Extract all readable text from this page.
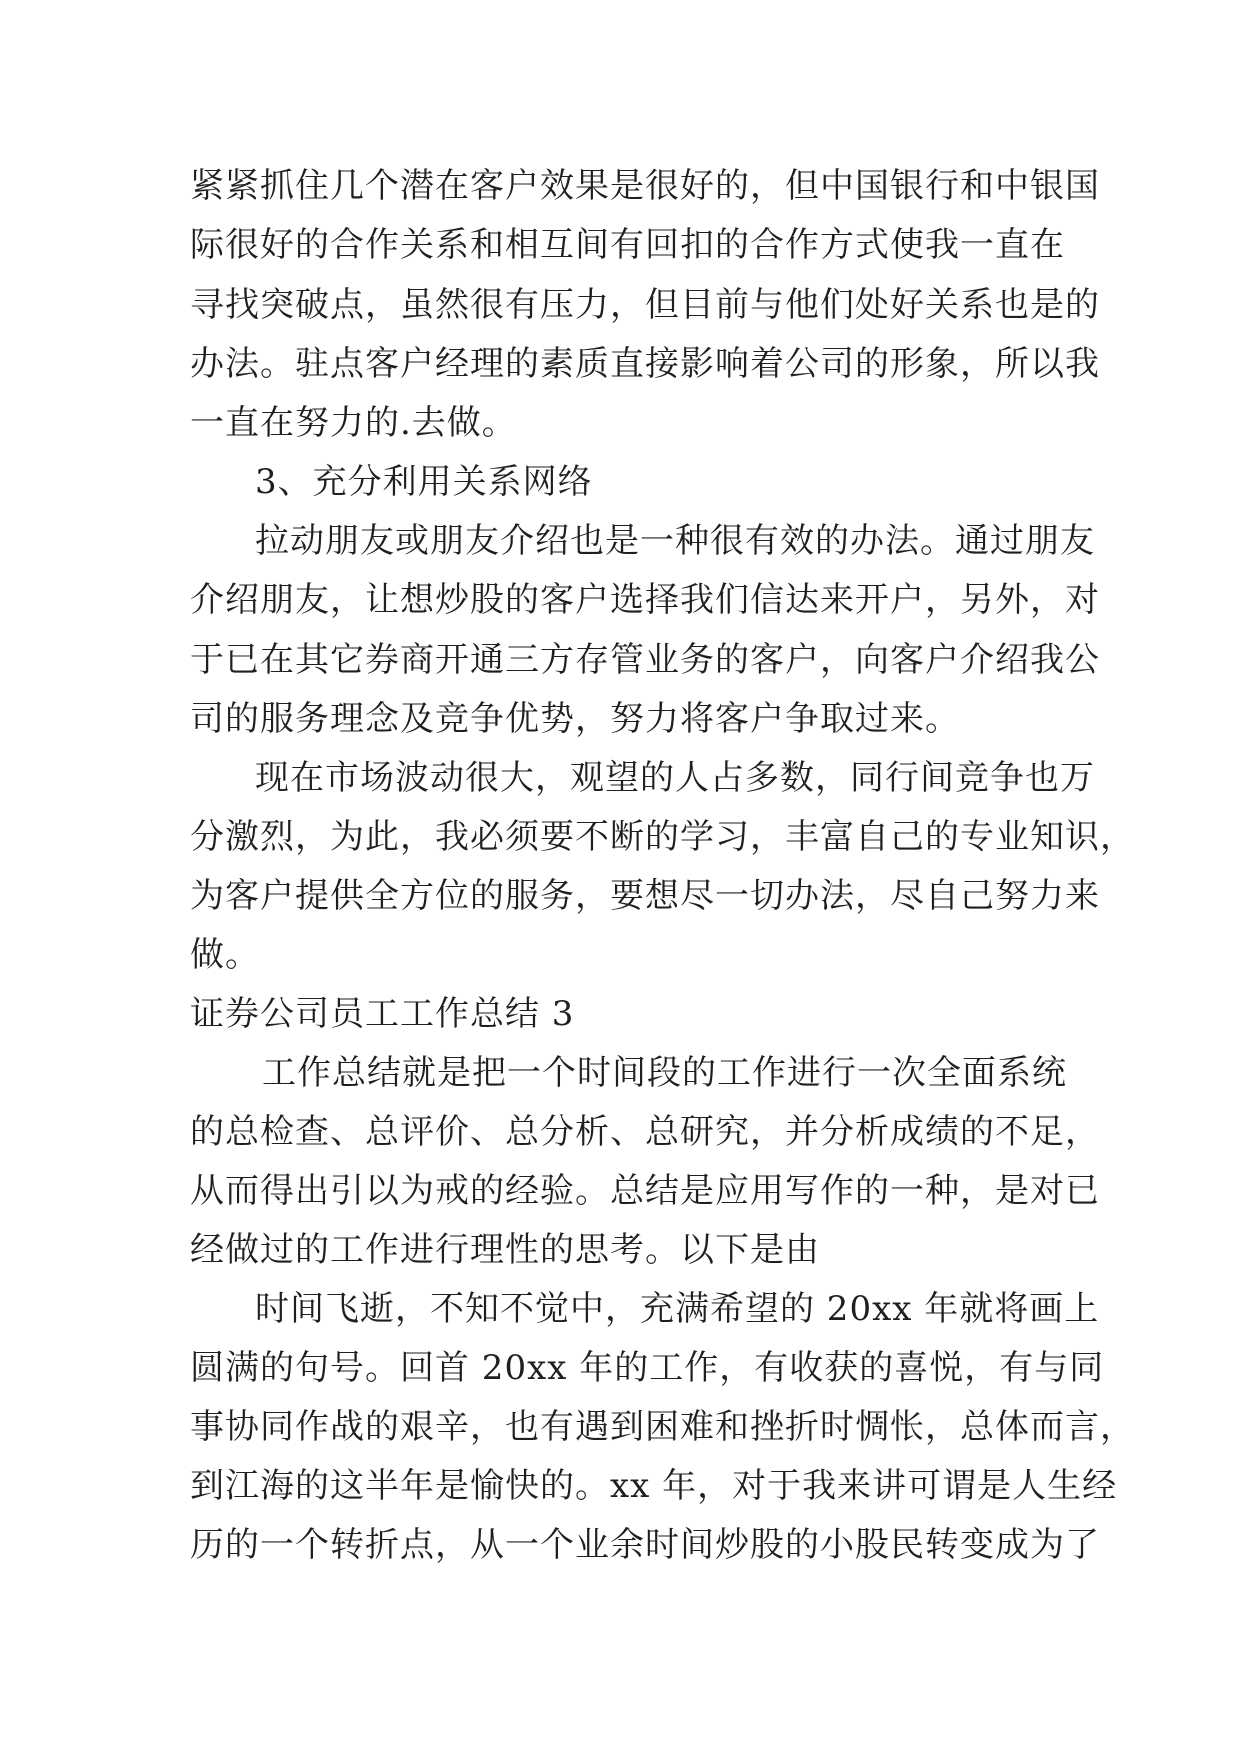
紧紧抓住几个潜在客户效果是很好的，但中国银行和中银国
际很好的合作关系和相互间有回扣的合作方式使我一直在
寻找突破点，虽然很有压力，但目前与他们处好关系也是的
办法。驻点客户经理的素质直接影响着公司的形象，所以我
一直在努力的.去做。
3、充分利用关系网络
拉动朋友或朋友介绍也是一种很有效的办法。通过朋友
介绍朋友，让想炒股的客户选择我们信达来开户，另外，对
于已在其它券商开通三方存管业务的客户，向客户介绍我公
司的服务理念及竞争优势，努力将客户争取过来。
现在市场波动很大，观望的人占多数，同行间竞争也万
分激烈，为此，我必须要不断的学习，丰富自己的专业知识，
为客户提供全方位的服务，要想尽一切办法，尽自己努力来
做。
证券公司员工工作总结 3
工作总结就是把一个时间段的工作进行一次全面系统
的总检查、总评价、总分析、总研究，并分析成绩的不足，
从而得出引以为戒的经验。总结是应用写作的一种，是对已
经做过的工作进行理性的思考。以下是由
时间飞逝，不知不觉中，充满希望的 20xx 年就将画上
圆满的句号。回首 20xx 年的工作，有收获的喜悦，有与同
事协同作战的艰辛，也有遇到困难和挫折时惆怅，总体而言，
到江海的这半年是愉快的。xx 年，对于我来讲可谓是人生经
历的一个转折点，从一个业余时间炒股的小股民转变成为了
